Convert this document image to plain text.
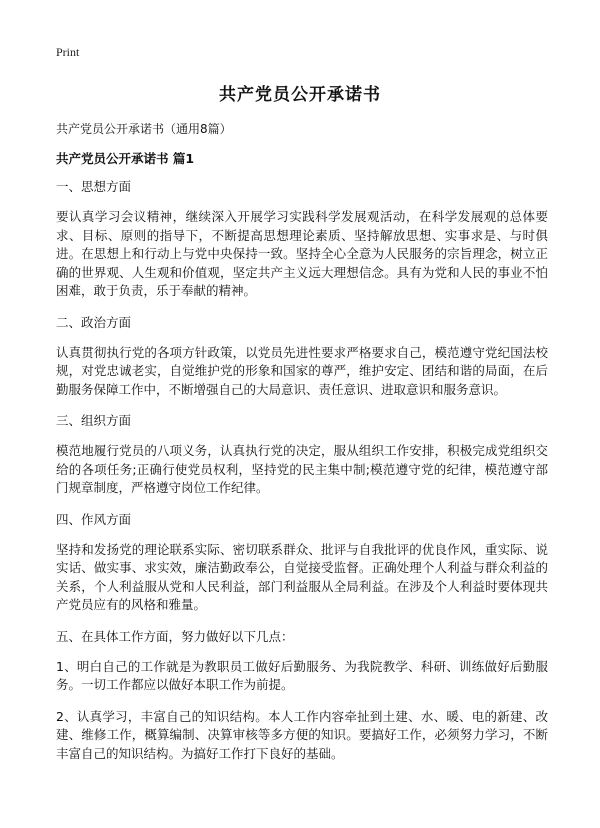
Print
共产党员公开承诺书

共产党员公开承诺书（通用8篇）

共产党员公开承诺书 篇1

一、思想方面

要认真学习会议精神，继续深入开展学习实践科学发展观活动，在科学发展观的总体要求、目标、原则的指导下，不断提高思想理论素质、坚持解放思想、实事求是、与时俱进。在思想上和行动上与党中央保持一致。坚持全心全意为人民服务的宗旨理念，树立正确的世界观、人生观和价值观，坚定共产主义远大理想信念。具有为党和人民的事业不怕困难，敢于负责，乐于奉献的精神。

二、政治方面

认真贯彻执行党的各项方针政策，以党员先进性要求严格要求自己，模范遵守党纪国法校规，对党忠诚老实，自觉维护党的形象和国家的尊严，维护安定、团结和谐的局面，在后勤服务保障工作中，不断增强自己的大局意识、责任意识、进取意识和服务意识。

三、组织方面

模范地履行党员的八项义务，认真执行党的决定，服从组织工作安排，积极完成党组织交给的各项任务;正确行使党员权利，坚持党的民主集中制;模范遵守党的纪律，模范遵守部门规章制度，严格遵守岗位工作纪律。

四、作风方面

坚持和发扬党的理论联系实际、密切联系群众、批评与自我批评的优良作风，重实际、说实话、做实事、求实效，廉洁勤政奉公，自觉接受监督。正确处理个人利益与群众利益的关系，个人利益服从党和人民利益，部门利益服从全局利益。在涉及个人利益时要体现共产党员应有的风格和雅量。

五、在具体工作方面，努力做好以下几点：

1、明白自己的工作就是为教职员工做好后勤服务、为我院教学、科研、训练做好后勤服务。一切工作都应以做好本职工作为前提。

2、认真学习，丰富自己的知识结构。本人工作内容牵扯到土建、水、暖、电的新建、改建、维修工作，概算编制、决算审核等多方便的知识。要搞好工作，必须努力学习，不断丰富自己的知识结构。为搞好工作打下良好的基础。
